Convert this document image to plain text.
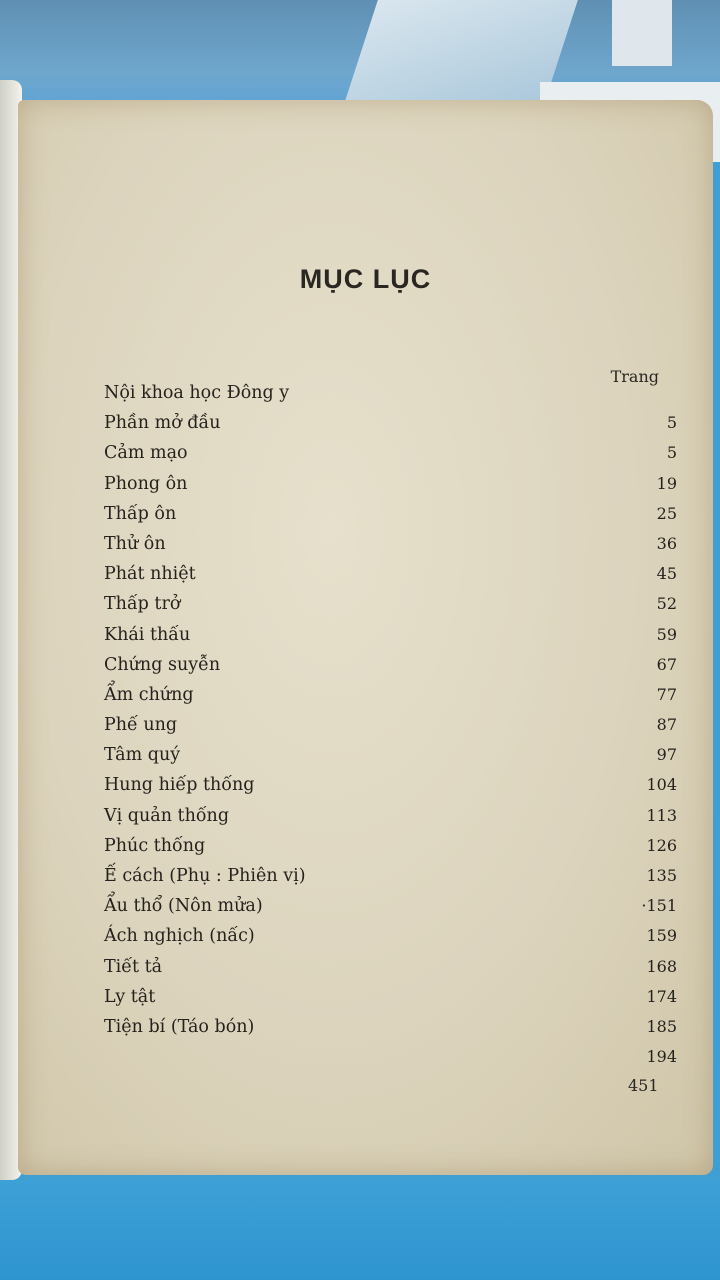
MỤC LỤC
Trang
Nội khoa học Đông y
Phần mở đầu	5
Cảm mạo	5
Phong ôn	19
Thấp ôn	25
Thử ôn	36
Phát nhiệt	45
Thấp trở	52
Khái thấu	59
Chứng suyễn	67
Ẩm chứng	77
Phế ung	87
Tâm quý	97
Hung hiếp thống	104
Vị quản thống	113
Phúc thống	126
Ế cách (Phụ : Phiên vị)	135
Ẩu thổ (Nôn mửa)	·151
Ách nghịch (nấc)	159
Tiết tả	168
Ly tật	174
Tiện bí (Táo bón)	185
194
451
